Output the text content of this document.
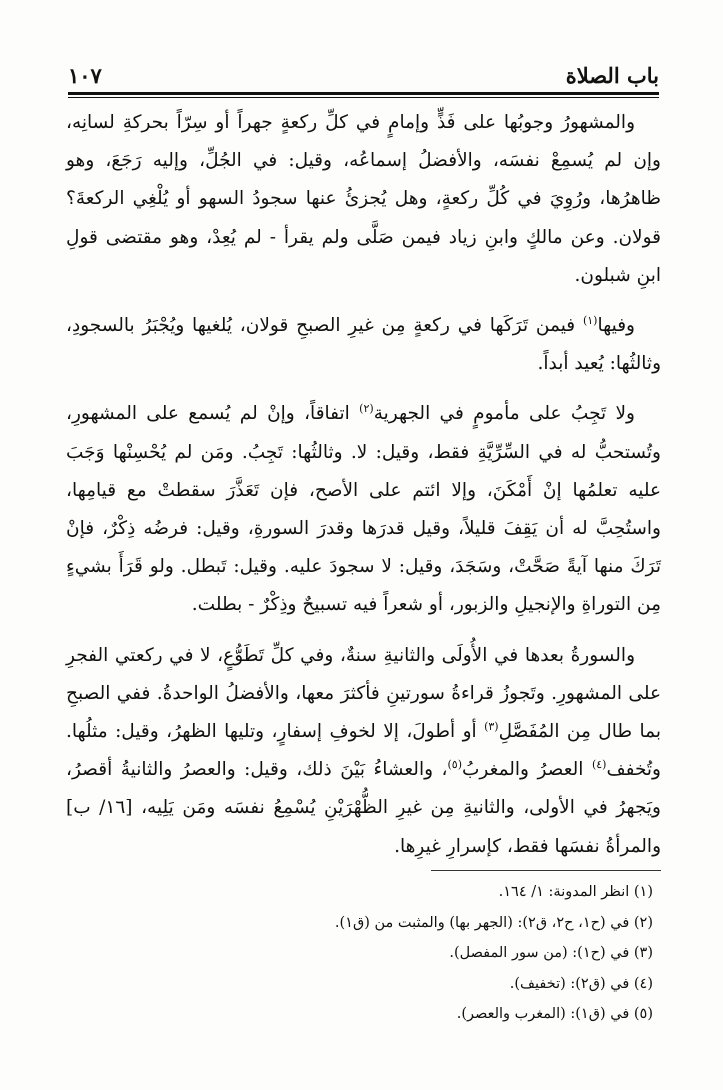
باب الصلاة
١٠٧

والمشهورُ وجوبُها على فَذٍّ وإمامٍ في كلِّ ركعةٍ جهراً أو سِرّاً بحركةِ لسانِه، وإن لم يُسمِعْ نفسَه، والأفضلُ إسماعُه، وقيل: في الجُلِّ، وإليه رَجَعَ، وهو ظاهرُها، ورُوِيَ في كُلِّ ركعةٍ، وهل يُجزئُ عنها سجودُ السهو أو يُلْغِي الركعةَ؟ قولان. وعن مالكٍ وابنِ زياد فيمن صَلَّى ولم يقرأ - لم يُعِدْ، وهو مقتضى قولِ ابنِ شبلون.

وفيها$^{(١)}$ فيمن تَرَكَها في ركعةٍ مِن غيرِ الصبحِ قولان، يُلغيها ويُجْبَرُ بالسجودِ، وثالثُها: يُعيد أبداً.

ولا تَجِبُ على مأمومٍ في الجهرية$^{(٢)}$ اتفاقاً، وإنْ لم يُسمع على المشهورِ، وتُستحبُّ له في السِّرِّيَّةِ فقط، وقيل: لا. وثالثُها: تَجِبُ. ومَن لم يُحْسِنْها وَجَبَ عليه تعلمُها إنْ أَمْكَنَ، وإلا ائتم على الأصح، فإن تَعَذَّرَ سقطتْ مع قيامِها، واستُحِبَّ له أن يَقِفَ قليلاً، وقيل قدرَها وقدرَ السورةِ، وقيل: فرضُه ذِكْرٌ، فإنْ تَرَكَ منها آيةً صَحَّتْ، وسَجَدَ، وقيل: لا سجودَ عليه. وقيل: تَبطل. ولو قَرَأَ بشيءٍ مِن التوراةِ والإنجيلِ والزبور، أو شعراً فيه تسبيحٌ وذِكْرٌ - بطلت.

والسورةُ بعدها في الأُولَى والثانيةِ سنةٌ، وفي كلِّ تَطَوُّعٍ، لا في ركعتي الفجرِ على المشهورِ. وتَجوزُ قراءةُ سورتينِ فأكثرَ معها، والأفضلُ الواحدةُ. ففي الصبحِ بما طال مِن المُفَصَّلِ$^{(٣)}$ أو أطولَ، إلا لخوفِ إسفارٍ، وتليها الظهرُ، وقيل: مثلُها. وتُخفف$^{(٤)}$ العصرُ والمغربُ$^{(٥)}$، والعشاءُ بَيْنَ ذلك، وقيل: والعصرُ والثانيةُ أقصرُ، ويَجهرُ في الأولى، والثانيةِ مِن غيرِ الظُّهْرَيْنِ يُسْمِعُ نفسَه ومَن يَلِيه، [١٦/ ب] والمرأةُ نفسَها فقط، كإسرارِ غيرِها.

(١) انظر المدونة: ١/ ١٦٤.
(٢) في (ح١، ح٢، ق٢): (الجهر بها) والمثبت من (ق١).
(٣) في (ح١): (من سور المفصل).
(٤) في (ق٢): (تخفيف).
(٥) في (ق١): (المغرب والعصر).
